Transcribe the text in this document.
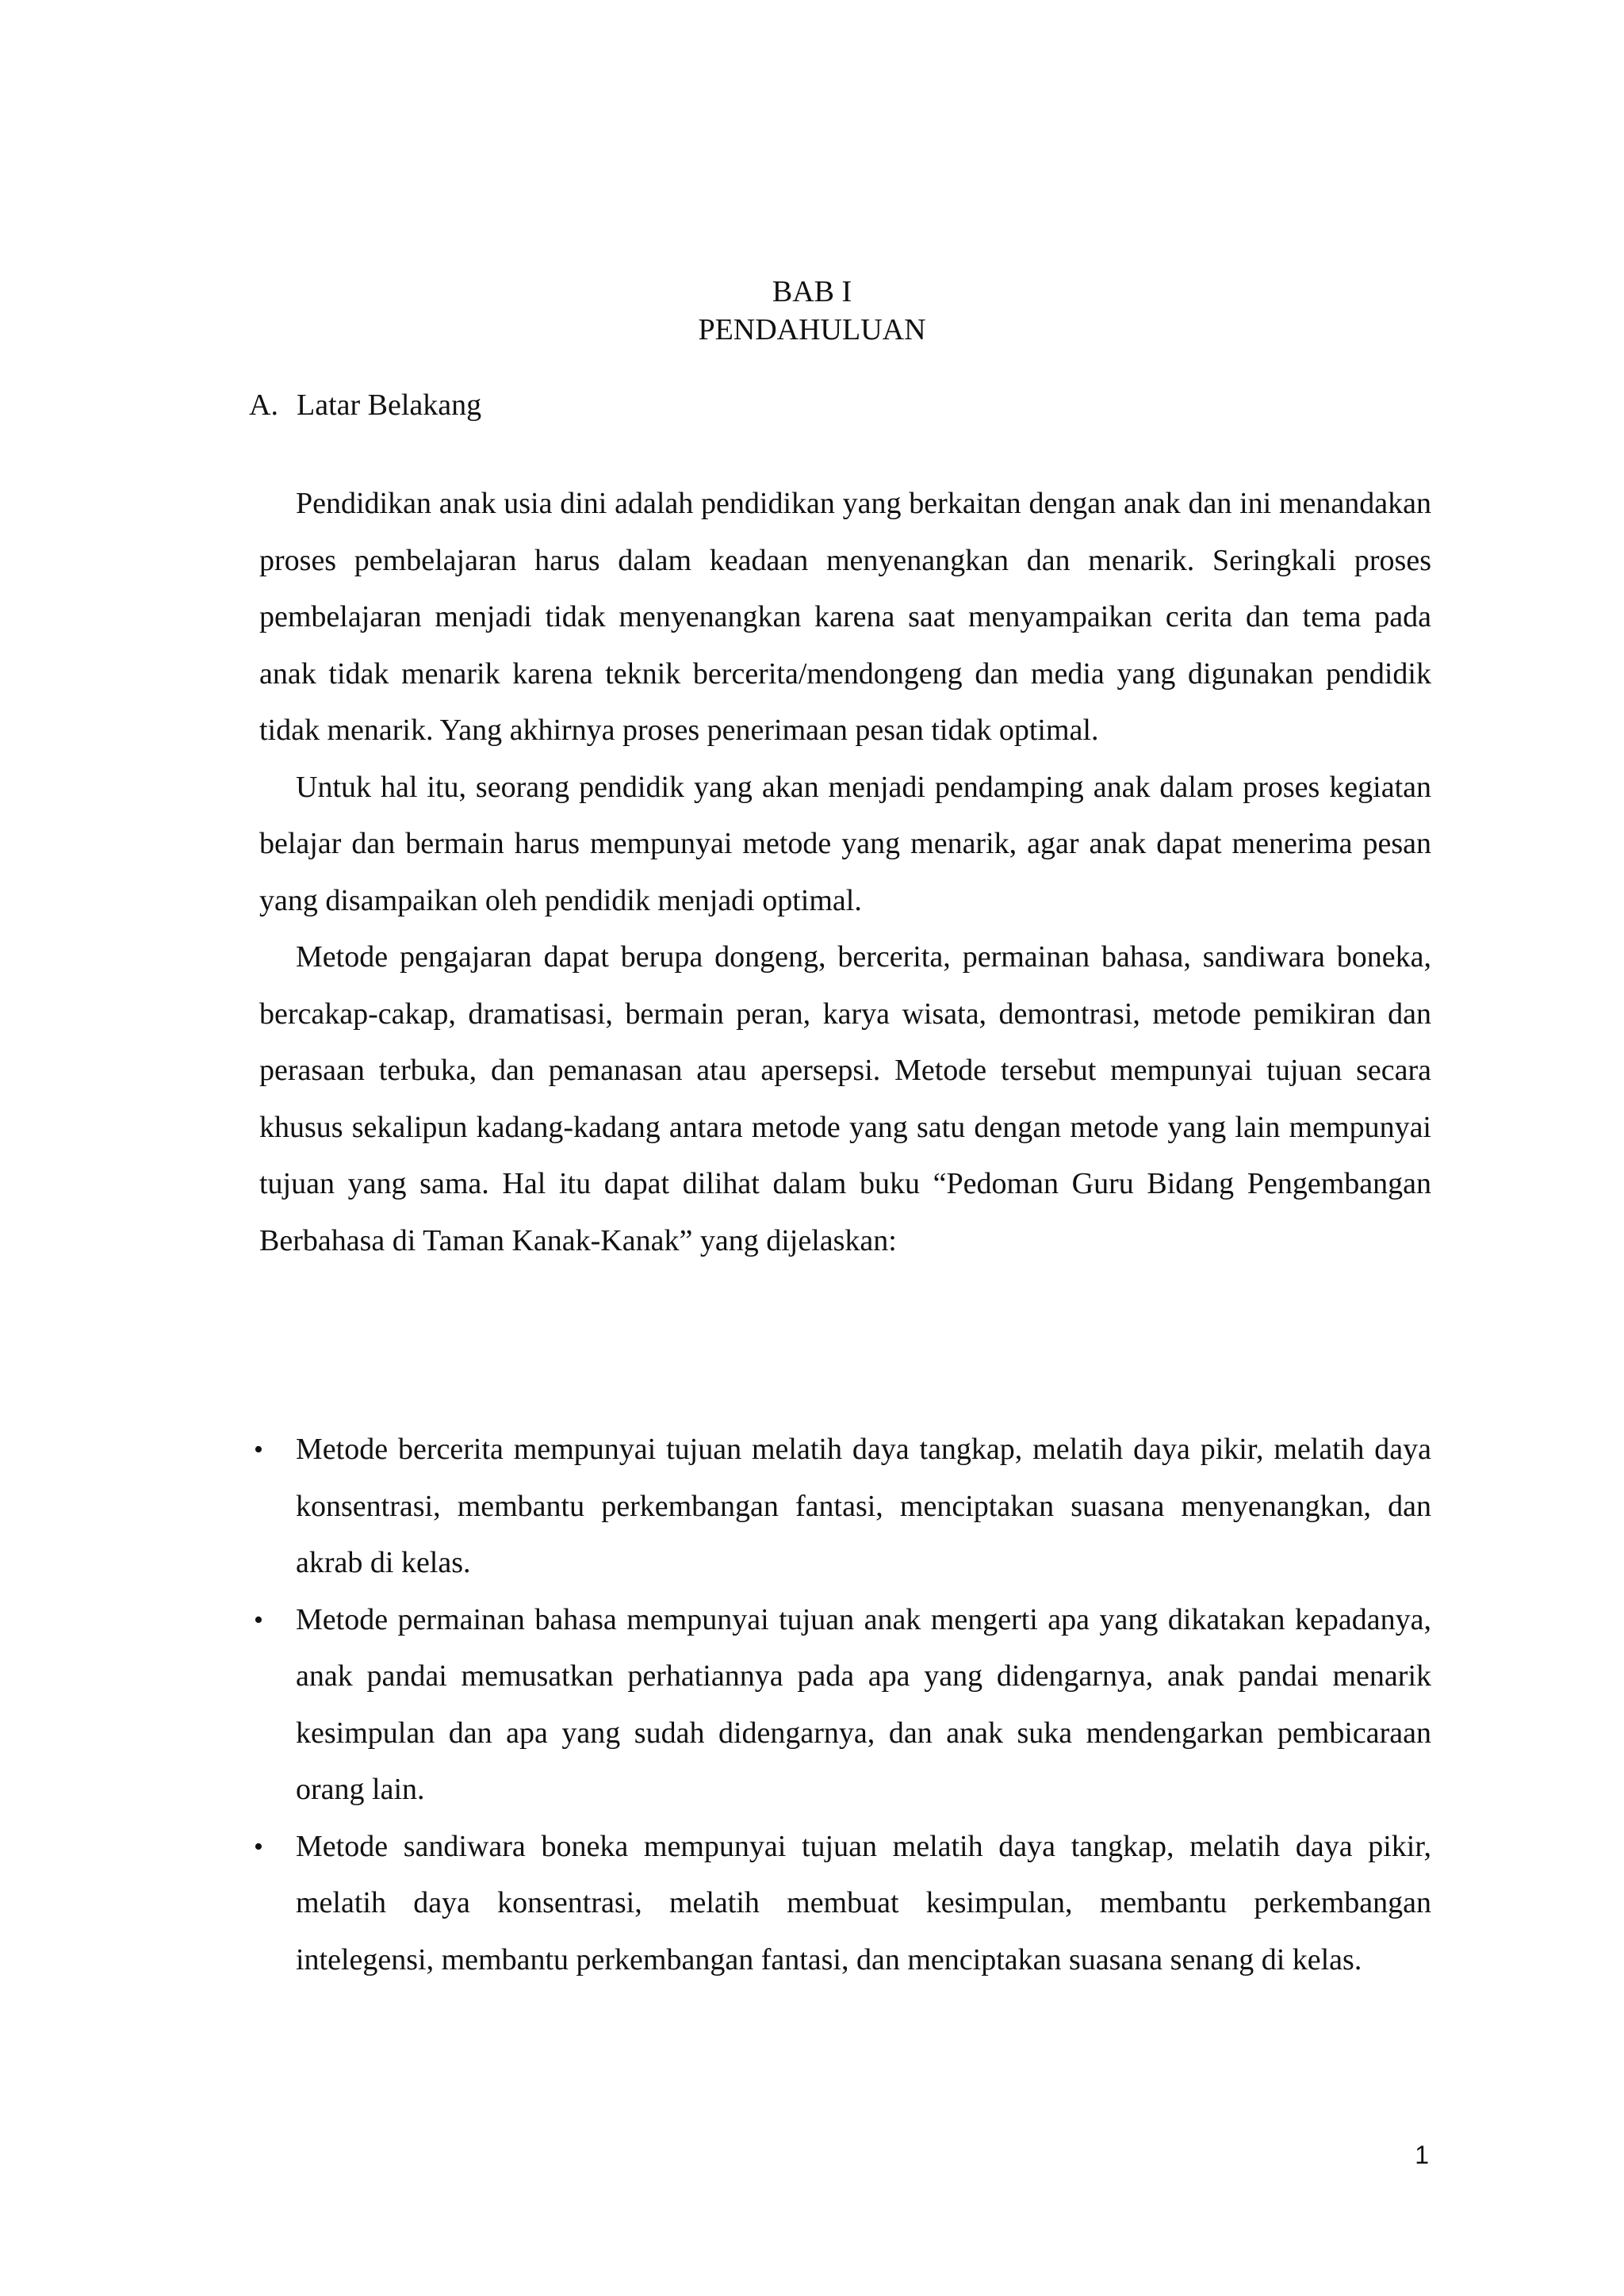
BAB I
PENDAHULUAN
A. Latar Belakang

Pendidikan anak usia dini adalah pendidikan yang berkaitan dengan anak dan ini menandakan proses pembelajaran harus dalam keadaan menyenangkan dan menarik. Seringkali proses pembelajaran menjadi tidak menyenangkan karena saat menyampaikan cerita dan tema pada anak tidak menarik karena teknik bercerita/mendongeng dan media yang digunakan pendidik tidak menarik. Yang akhirnya proses penerimaan pesan tidak optimal.

Untuk hal itu, seorang pendidik yang akan menjadi pendamping anak dalam proses kegiatan belajar dan bermain harus mempunyai metode yang menarik, agar anak dapat menerima pesan yang disampaikan oleh pendidik menjadi optimal.

Metode pengajaran dapat berupa dongeng, bercerita, permainan bahasa, sandiwara boneka, bercakap-cakap, dramatisasi, bermain peran, karya wisata, demontrasi, metode pemikiran dan perasaan terbuka, dan pemanasan atau apersepsi. Metode tersebut mempunyai tujuan secara khusus sekalipun kadang-kadang antara metode yang satu dengan metode yang lain mempunyai tujuan yang sama. Hal itu dapat dilihat dalam buku “Pedoman Guru Bidang Pengembangan Berbahasa di Taman Kanak-Kanak” yang dijelaskan:

• Metode bercerita mempunyai tujuan melatih daya tangkap, melatih daya pikir, melatih daya konsentrasi, membantu perkembangan fantasi, menciptakan suasana menyenangkan, dan akrab di kelas.
• Metode permainan bahasa mempunyai tujuan anak mengerti apa yang dikatakan kepadanya, anak pandai memusatkan perhatiannya pada apa yang didengarnya, anak pandai menarik kesimpulan dan apa yang sudah didengarnya, dan anak suka mendengarkan pembicaraan orang lain.
• Metode sandiwara boneka mempunyai tujuan melatih daya tangkap, melatih daya pikir, melatih daya konsentrasi, melatih membuat kesimpulan, membantu perkembangan intelegensi, membantu perkembangan fantasi, dan menciptakan suasana senang di kelas.
1
